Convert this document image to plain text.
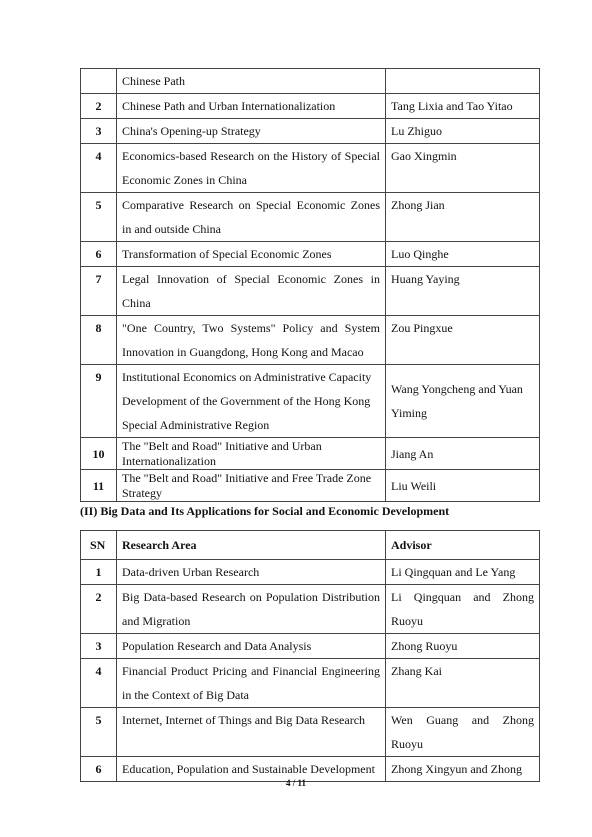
	Chinese Path	
2	Chinese Path and Urban Internationalization	Tang Lixia and Tao Yitao
3	China's Opening-up Strategy	Lu Zhiguo
4	Economics-based Research on the History of Special Economic Zones in China	Gao Xingmin
5	Comparative Research on Special Economic Zones in and outside China	Zhong Jian
6	Transformation of Special Economic Zones	Luo Qinghe
7	Legal Innovation of Special Economic Zones in China	Huang Yaying
8	"One Country, Two Systems" Policy and System Innovation in Guangdong, Hong Kong and Macao	Zou Pingxue
9	Institutional Economics on Administrative Capacity Development of the Government of the Hong Kong Special Administrative Region	Wang Yongcheng and Yuan Yiming
10	The "Belt and Road" Initiative and Urban Internationalization	Jiang An
11	The "Belt and Road" Initiative and Free Trade Zone Strategy	Liu Weili
(II) Big Data and Its Applications for Social and Economic Development
SN	Research Area	Advisor
1	Data-driven Urban Research	Li Qingquan and Le Yang
2	Big Data-based Research on Population Distribution and Migration	Li Qingquan and Zhong Ruoyu
3	Population Research and Data Analysis	Zhong Ruoyu
4	Financial Product Pricing and Financial Engineering in the Context of Big Data	Zhang Kai
5	Internet, Internet of Things and Big Data Research	Wen Guang and Zhong Ruoyu
6	Education, Population and Sustainable Development	Zhong Xingyun and Zhong
4 / 11
